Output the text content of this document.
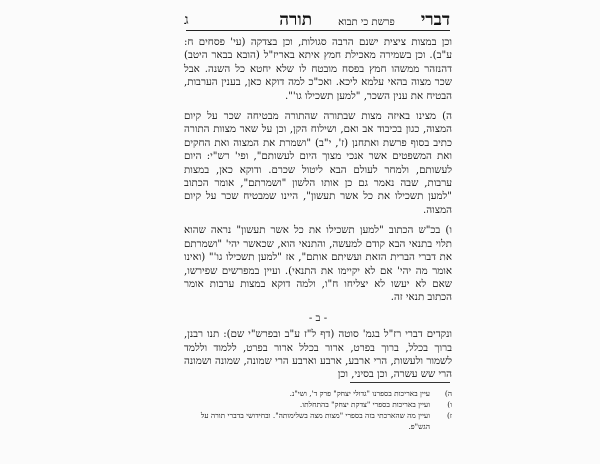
דברי
פרשת כי תבוא
תורה
ג

וכן במצות ציצית ישנם הרבה סגולות, וכן בצדקה (עי' פסחים ח: ע"ב). וכן בשמירה מאכילת חמץ איתא באריז"ל (הובא בבאר היטב) דהנזהר ממשהו חמץ בפסח מובטח לו שלא יחטא כל השנה. אבל שכר מצוה בהאי עלמא ליכא. ואכ"כ למה דוקא כאן, בענין הערבות, הבטיח את ענין השכר, "למען תשכילו גו'".

ה) מצינו באיזה מצות שבתורה שהתורה מבטיחה שכר על קיום המצוה, כגון בכיבוד אב ואם, ושילוח הקן, וכן על שאר מצוות התורה כתיב בסוף פרשת ואתחנן (ז', י"ב) "ושמרת את המצוה ואת החקים ואת המשפטים אשר אנכי מצוך היום לעשותם", ופי' רש"י: היום לעשותם, ולמחר לעולם הבא ליטול שכרם. ודוקא כאן, במצות ערבות, שבה נאמר גם כן אותו הלשון "ושמרתם", אומר הכתוב "למען תשכילו את כל אשר תעשון", היינו שמבטיח שכר על קיום המצוה.

ו) בכ"ש הכתוב "למען תשכילו את כל אשר תעשון" נראה שהוא תלוי בתנאי הבא קודם למעשה, והתנאי הוא, שכאשר יהי' "ושמרתם את דברי הברית הזאת ועשיתם אותם", אז "למען תשכילו גו'" (ואינו אומר מה יהי' אם לא יקיימו את התנאי). ועיין במפרשים שפירשו, שאם לא יעשו לא יצליחו ח"ו, ולמה דוקא במצות ערבות אומר הכתוב תנאי זה.

- ב -

ונקדים דברי רז"ל בגמ' סוטה (דף ל"ז ע"ב ובפרש"י שם): תנו רבנן, ברוך בכלל, ברוך בפרט, ארור בכלל ארור בפרט, ללמוד וללמד לשמור ולעשות, הרי ארבע, ארבע וארבע הרי שמונה, שמונה ושמונה הרי שש עשרה, וכן בסיני, וכן

ה)
עיין באריכות בספרנו "גדולי יצחק" פרק ד', ושי"נ.
ו)
ועיין באריכות בספרי "צדקת יצחק" בהתחלתו.
ז)
ועיין מה שהארכתי בזה בספרי "מצות מצה בשלימותה". ובחידושי בדברי תורה על הגש"פ.
